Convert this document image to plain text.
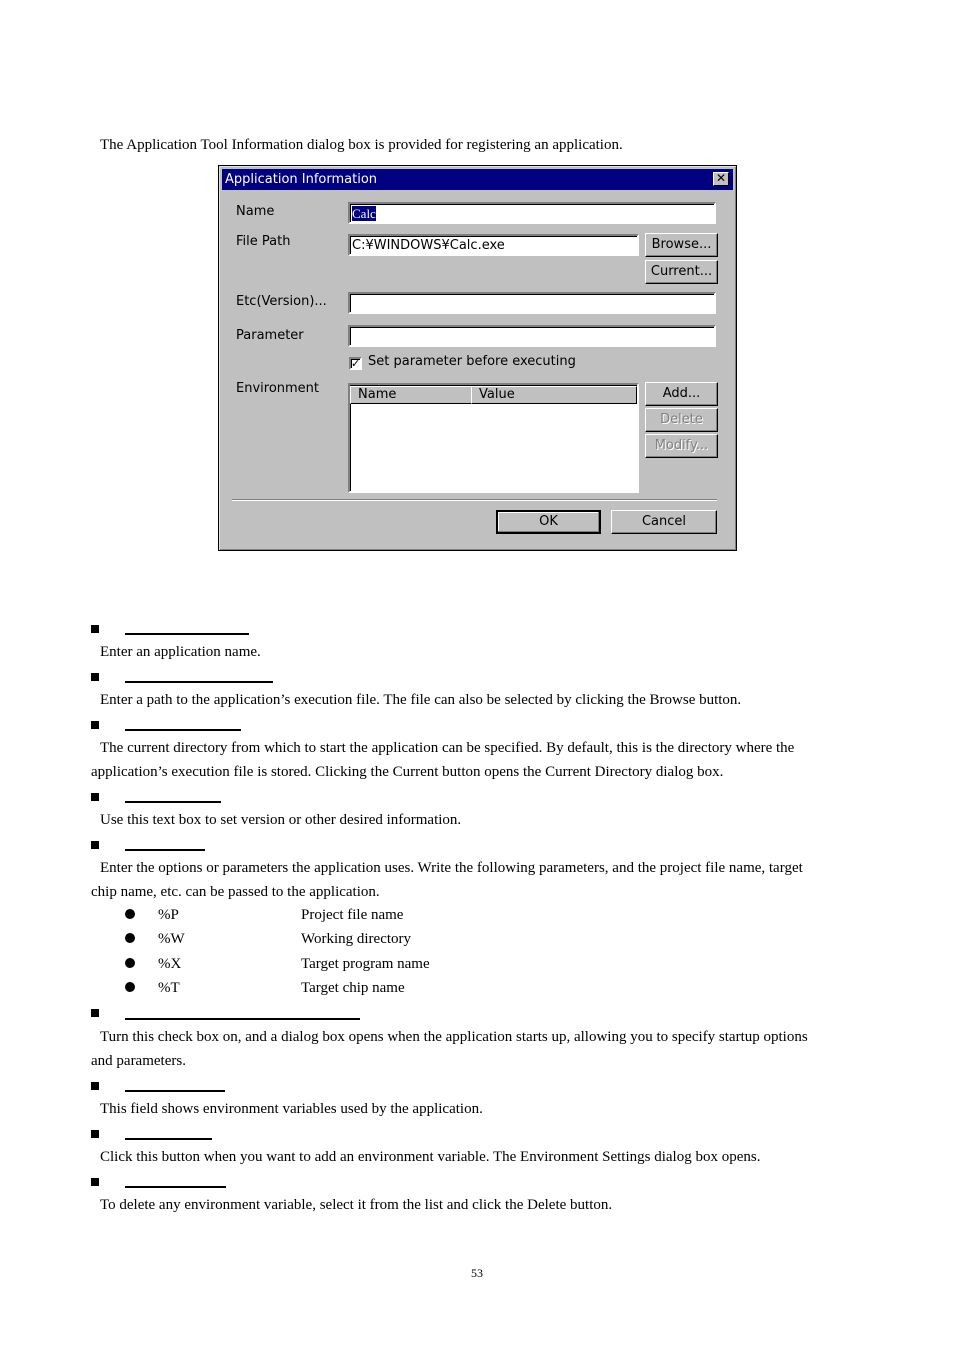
The Application Tool Information dialog box is provided for registering an application.
Application Information	✕
Name	Calc
File Path	C:¥WINDOWS¥Calc.exe	Browse...
Current...
Etc(Version)...
Parameter
✓ Set parameter before executing
Environment	Name	Value	Add...
Delete
Modify...
OK	Cancel
Enter an application name.
Enter a path to the application’s execution file. The file can also be selected by clicking the Browse button.
The current directory from which to start the application can be specified. By default, this is the directory where the
application’s execution file is stored. Clicking the Current button opens the Current Directory dialog box.
Use this text box to set version or other desired information.
Enter the options or parameters the application uses. Write the following parameters, and the project file name, target
chip name, etc. can be passed to the application.
%P	Project file name
%W	Working directory
%X	Target program name
%T	Target chip name
Turn this check box on, and a dialog box opens when the application starts up, allowing you to specify startup options
and parameters.
This field shows environment variables used by the application.
Click this button when you want to add an environment variable. The Environment Settings dialog box opens.
To delete any environment variable, select it from the list and click the Delete button.
53
